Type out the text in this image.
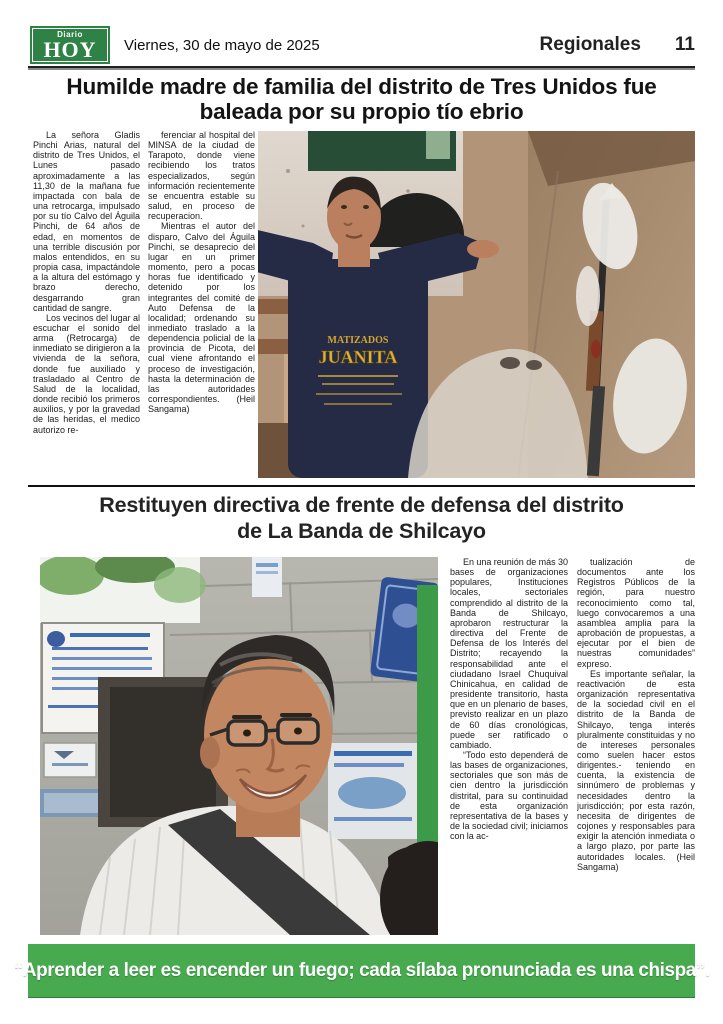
Diario
HOY Viernes, 30 de mayo de 2025	Regionales 11
Humilde madre de familia del distrito de Tres Unidos fue baleada por su propio tío ebrio

La señora Gladis Pinchi Arias, natural del distrito de Tres Unidos, el Lunes pasado aproximadamente a las 11,30 de la mañana fue impactada con bala de una retrocarga, impulsado por su tío Calvo del Águila Pinchi, de 64 años de edad, en momentos de una terrible discusión por malos entendidos, en su propia casa, impactándole a la altura del estómago y brazo derecho, desgarrando gran cantidad de sangre.

Los vecinos del lugar al escuchar el sonido del arma (Retrocarga) de inmediato se dirigieron a la vivienda de la señora, donde fue auxiliado y trasladado al Centro de Salud de la localidad, donde recibió los primeros auxilios, y por la gravedad de las heridas, el medico autorizo re-

ferenciar al hospital del MINSA de la ciudad de Tarapoto, donde viene recibiendo los tratos especializados, según información recientemente se encuentra estable su salud, en proceso de recuperacion.

Mientras el autor del disparo, Calvo del Águila Pinchi, se desaprecio del lugar en un primer momento, pero a pocas horas fue identificado y detenido por los integrantes del comité de Auto Defensa de la localidad; ordenando su inmediato traslado a la dependencia policial de la provincia de Picota, del cual viene afrontando el proceso de investigación, hasta la determinación de las autoridades correspondientes. (Heil Sangama)

MATIZADOS
JUANITA
Restituyen directiva de frente de defensa del distrito de La Banda de Shilcayo

En una reunión de más 30 bases de organizaciones populares, Instituciones locales, sectoriales comprendido al distrito de la Banda de Shilcayo, aprobaron restructurar la directiva del Frente de Defensa de los Interés del Distrito; recayendo la responsabilidad ante el ciudadano Israel Chuquival Chinicahua, en calidad de presidente transitorio, hasta que en un plenario de bases, previsto realizar en un plazo de 60 días cronológicas, puede ser ratificado o cambiado.

“Todo esto dependerá de las bases de organizaciones, sectoriales que son más de cien dentro la jurisdicción distrital, para su continuidad de esta organización representativa de la bases y de la sociedad civil; iniciamos con la ac-

tualización de documentos ante los Registros Públicos de la región, para nuestro reconocimiento como tal, luego convocaremos a una asamblea amplia para la aprobación de propuestas, a ejecutar por el bien de nuestras comunidades” expreso.

Es importante señalar, la reactivación de esta organización representativa de la sociedad civil en el distrito de la Banda de Shilcayo, tenga interés pluralmente constituidas y no de intereses personales como suelen hacer estos dirigentes.- teniendo en cuenta, la existencia de sinnúmero de problemas y necesidades dentro la jurisdicción; por esta razón, necesita de dirigentes de cojones y responsables para exigir la atención inmediata o a largo plazo, por parte las autoridades locales. (Heil Sangama)

“Aprender a leer es encender un fuego; cada sílaba pronunciada es una chispa”.
